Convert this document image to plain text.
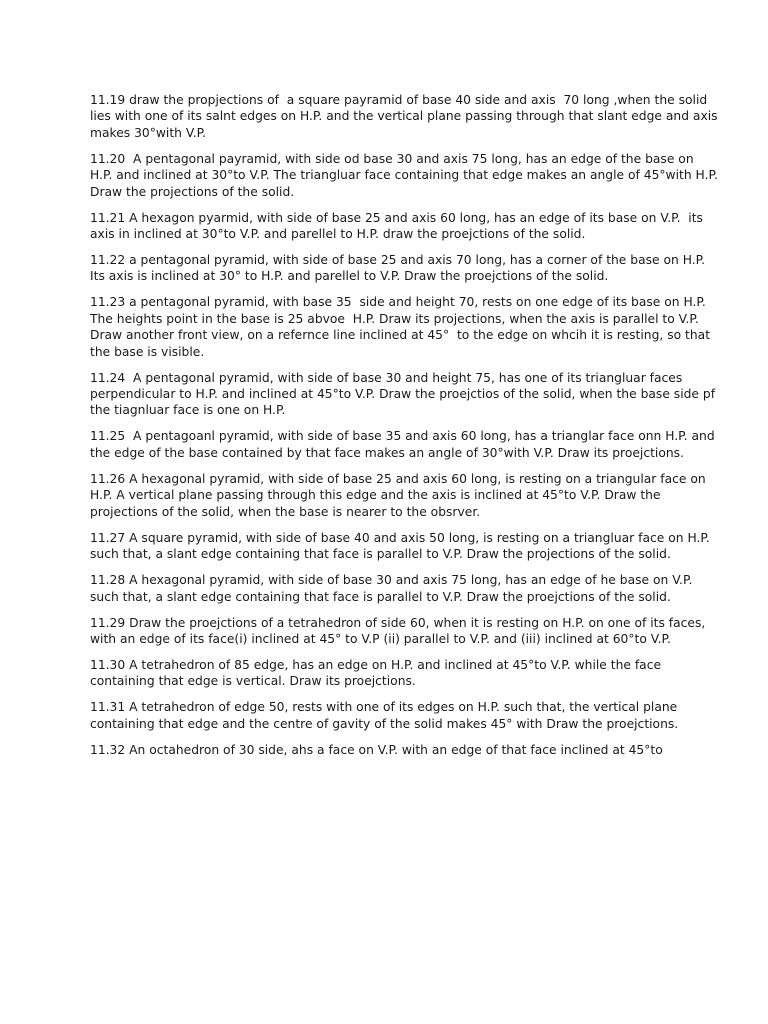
11.19 draw the propjections of  a square payramid of base 40 side and axis  70 long ,when the solid lies with one of its salnt edges on H.P. and the vertical plane passing through that slant edge and axis makes 30°with V.P.

11.20  A pentagonal payramid, with side od base 30 and axis 75 long, has an edge of the base on H.P. and inclined at 30°to V.P. The triangluar face containing that edge makes an angle of 45°with H.P. Draw the projections of the solid.

11.21 A hexagon pyarmid, with side of base 25 and axis 60 long, has an edge of its base on V.P.  its axis in inclined at 30°to V.P. and parellel to H.P. draw the proejctions of the solid.

11.22 a pentagonal pyramid, with side of base 25 and axis 70 long, has a corner of the base on H.P. Its axis is inclined at 30° to H.P. and parellel to V.P. Draw the proejctions of the solid.

11.23 a pentagonal pyramid, with base 35  side and height 70, rests on one edge of its base on H.P. The heights point in the base is 25 abvoe  H.P. Draw its projections, when the axis is parallel to V.P. Draw another front view, on a refernce line inclined at 45°  to the edge on whcih it is resting, so that the base is visible.

11.24  A pentagonal pyramid, with side of base 30 and height 75, has one of its triangluar faces perpendicular to H.P. and inclined at 45°to V.P. Draw the proejctios of the solid, when the base side pf the tiagnluar face is one on H.P.

11.25  A pentagoanl pyramid, with side of base 35 and axis 60 long, has a trianglar face onn H.P. and the edge of the base contained by that face makes an angle of 30°with V.P. Draw its proejctions.

11.26 A hexagonal pyramid, with side of base 25 and axis 60 long, is resting on a triangular face on H.P. A vertical plane passing through this edge and the axis is inclined at 45°to V.P. Draw the projections of the solid, when the base is nearer to the obsrver.

11.27 A square pyramid, with side of base 40 and axis 50 long, is resting on a triangluar face on H.P. such that, a slant edge containing that face is parallel to V.P. Draw the projections of the solid.

11.28 A hexagonal pyramid, with side of base 30 and axis 75 long, has an edge of he base on V.P. such that, a slant edge containing that face is parallel to V.P. Draw the proejctions of the solid.

11.29 Draw the proejctions of a tetrahedron of side 60, when it is resting on H.P. on one of its faces, with an edge of its face(i) inclined at 45° to V.P (ii) parallel to V.P. and (iii) inclined at 60°to V.P.

11.30 A tetrahedron of 85 edge, has an edge on H.P. and inclined at 45°to V.P. while the face containing that edge is vertical. Draw its proejctions.

11.31 A tetrahedron of edge 50, rests with one of its edges on H.P. such that, the vertical plane containing that edge and the centre of gavity of the solid makes 45° with Draw the proejctions.

11.32 An octahedron of 30 side, ahs a face on V.P. with an edge of that face inclined at 45°to
